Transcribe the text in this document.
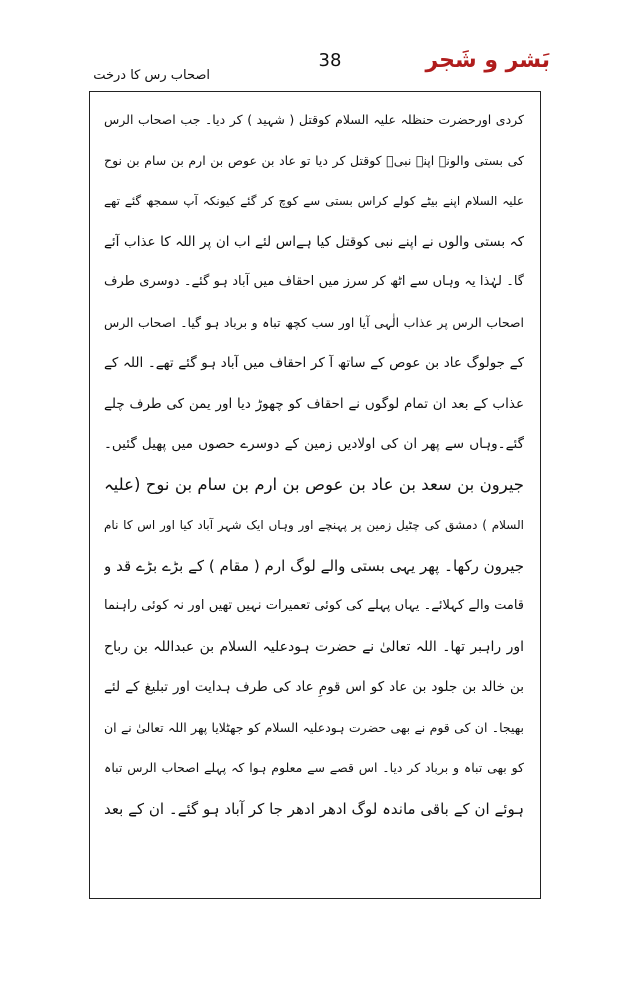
اصحاب رس کا درخت
38	بَشر و شَجر
کردی اورحضرت حنظلہ علیہ السلام کوقتل ( شہید ) کر دیا۔ جب اصحاب الرس
کی بستی والونے اپنے نبیؑ کوقتل کر دیا تو عاد بن عوص بن ارم بن سام بن نوح
علیہ السلام اپنے بیٹے کولے کراس بستی سے کوچ کر گئے کیونکہ آپ سمجھ گئے تھے
کہ بستی والوں نے اپنے نبی کوقتل کیا ہےاس لئے اب ان پر اللہ کا عذاب آئے
گا۔ لہٰذا یہ وہاں سے اٹھ کر سرز میں احقاف میں آباد ہو گئے۔ دوسری طرف
اصحاب الرس پر عذاب الٰہی آیا اور سب کچھ تباہ و برباد ہو گیا۔ اصحاب الرس
کے جولوگ عاد بن عوص کے ساتھ آ کر احقاف میں آباد ہو گئے تھے۔ اللہ کے
عذاب کے بعد ان تمام لوگوں نے احقاف کو چھوڑ دیا اور یمن کی طرف چلے
گئے۔وہاں سے پھر ان کی اولادیں زمین کے دوسرے حصوں میں پھیل گئیں۔
جیرون بن سعد بن عاد بن عوص بن ارم بن سام بن نوح (علیہ
السلام ) دمشق کی چٹیل زمین پر پہنچے اور وہاں ایک شہر آباد کیا اور اس کا نام
جیرون رکھا۔ پھر یہی بستی والے لوگ ارم ( مقام ) کے بڑے بڑے قد و
قامت والے کہلائے۔ یہاں پہلے کی کوئی تعمیرات نہیں تھیں اور نہ کوئی راہنما
اور راہبر تھا۔ اللہ تعالیٰ نے حضرت ہودعلیہ السلام بن عبداللہ بن رباح
بن خالد بن جلود بن عاد کو اس قومِ عاد کی طرف ہدایت اور تبلیغ کے لئے
بھیجا۔ ان کی قوم نے بھی حضرت ہودعلیہ السلام کو جھٹلایا پھر اللہ تعالیٰ نے ان
کو بھی تباہ و برباد کر دیا۔ اس قصے سے معلوم ہوا کہ پہلے اصحاب الرس تباہ
ہوئے ان کے باقی ماندہ لوگ ادھر ادھر جا کر آباد ہو گئے۔ ان کے بعد
